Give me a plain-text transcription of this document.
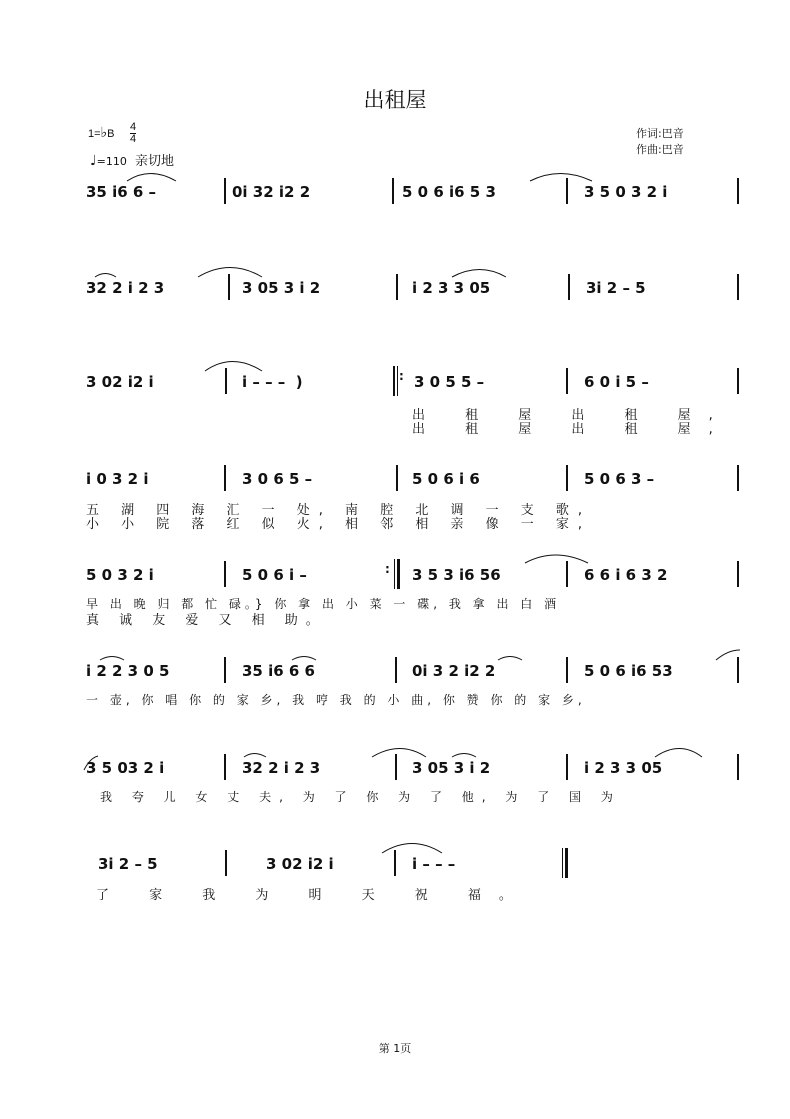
出租屋
1=♭B
4
4
♩=110 亲切地
作词:巴音
作曲:巴音
35 i6 6 –	0i 32 i2 2	5 0 6 i6 5 3	3 5 0 3 2 i
32 2 i 2 3	3 05 3 i 2	i 2 3 3 05	3i 2 – 5
3 02 i2 i	i – – –  )	: 3 0 5 5 –	6 0 i 5 –
出 租 屋 出 租 屋,
出 租 屋 出 租 屋,
i 0 3 2 i	3 0 6 5 –	5 0 6 i 6	5 0 6 3 –
五 湖 四 海 汇 一 处, 南 腔 北 调 一 支 歌,
小 小 院 落 红 似 火, 相 邻 相 亲 像 一 家,
5 0 3 2 i	5 0 6 i –	: 3 5 3 i6 56	6 6 i 6 3 2
早 出 晚 归 都 忙 碌。} 你 拿 出 小 菜 一 碟, 我 拿 出 白 酒
真 诚 友 爱 又 相 助。
i 2 2 3 0 5	35 i6 6 6	0i 3 2 i2 2	5 0 6 i6 53
一 壶, 你 唱 你 的 家 乡, 我 哼 我 的 小 曲, 你 赞 你 的 家 乡,
3 5 03 2 i	32 2 i 2 3	3 05 3 i 2	i 2 3 3 05
我 夸 儿 女 丈 夫, 为 了 你 为 了 他, 为 了 国 为
3i 2 – 5	3 02 i2 i	i – – –
了 家 我 为 明 天 祝 福。
第 1页
